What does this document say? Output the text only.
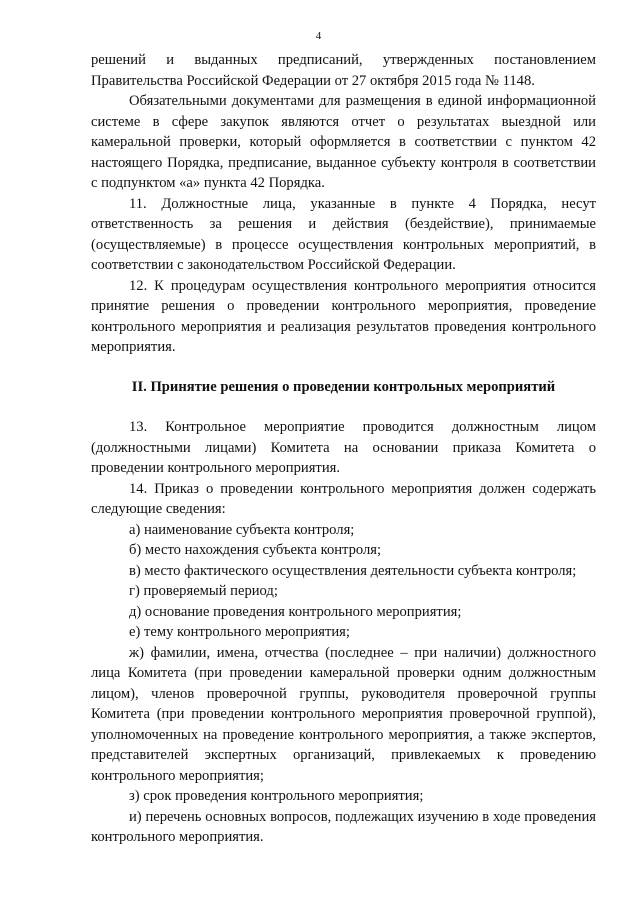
4

решений и выданных предписаний, утвержденных постановлением Правительства Российской Федерации от 27 октября 2015 года № 1148.

Обязательными документами для размещения в единой информационной системе в сфере закупок являются отчет о результатах выездной или камеральной проверки, который оформляется в соответствии с пунктом 42 настоящего Порядка, предписание, выданное субъекту контроля в соответствии с подпунктом «а» пункта 42 Порядка.

11. Должностные лица, указанные в пункте 4 Порядка, несут ответственность за решения и действия (бездействие), принимаемые (осуществляемые) в процессе осуществления контрольных мероприятий, в соответствии с законодательством Российской Федерации.

12. К процедурам осуществления контрольного мероприятия относится принятие решения о проведении контрольного мероприятия, проведение контрольного мероприятия и реализация результатов проведения контрольного мероприятия.

II. Принятие решения о проведении контрольных мероприятий

13. Контрольное мероприятие проводится должностным лицом (должностными лицами) Комитета на основании приказа Комитета о проведении контрольного мероприятия.

14. Приказ о проведении контрольного мероприятия должен содержать следующие сведения:

а) наименование субъекта контроля;

б) место нахождения субъекта контроля;

в) место фактического осуществления деятельности субъекта контроля;

г) проверяемый период;

д) основание проведения контрольного мероприятия;

е) тему контрольного мероприятия;

ж) фамилии, имена, отчества (последнее – при наличии) должностного лица Комитета (при проведении камеральной проверки одним должностным лицом), членов проверочной группы, руководителя проверочной группы Комитета (при проведении контрольного мероприятия проверочной группой), уполномоченных на проведение контрольного мероприятия, а также экспертов, представителей экспертных организаций, привлекаемых к проведению контрольного мероприятия;

з) срок проведения контрольного мероприятия;

и) перечень основных вопросов, подлежащих изучению в ходе проведения контрольного мероприятия.
